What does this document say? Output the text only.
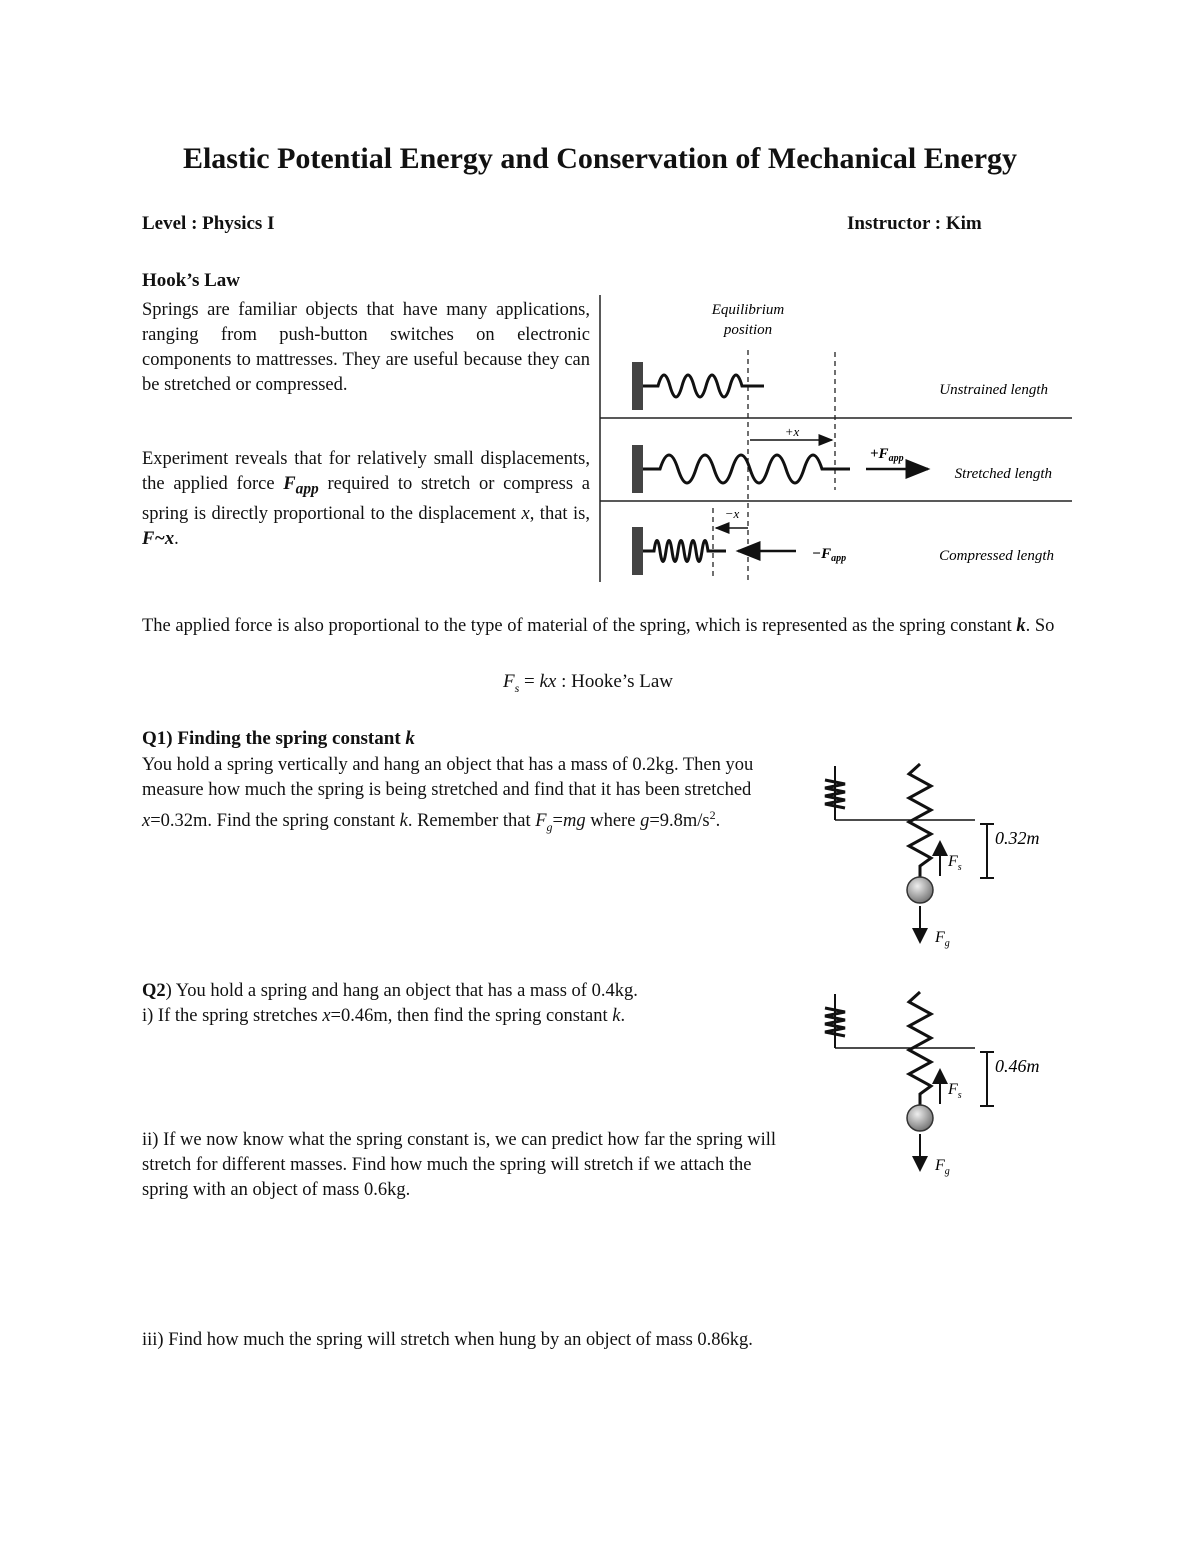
Elastic Potential Energy and Conservation of Mechanical Energy
Level : Physics I	Instructor : Kim
Hook’s Law
Springs are familiar objects that have many applications, ranging from push-button switches on electronic components to mattresses. They are useful because they can be stretched or compressed.
Experiment reveals that for relatively small displacements, the applied force $F_{app}$ required to stretch or compress a spring is directly proportional to the displacement x, that is, F~x.
Equilibrium
position
Unstrained length
+x
$+F_{app}$
Stretched length
−x
$-F_{app}$	Compressed length
The applied force is also proportional to the type of material of the spring, which is represented as the spring constant k. So
$F_s$ = kx : Hooke’s Law
Q1) Finding the spring constant k
You hold a spring vertically and hang an object that has a mass of 0.2kg. Then you measure how much the spring is being stretched and find that it has been stretched x=0.32m. Find the spring constant k. Remember that $F_g=mg$ where $g=9.8m/s^2$.
$F_s$
$F_g$
0.32m
Q2) You hold a spring and hang an object that has a mass of 0.4kg.
i) If the spring stretches x=0.46m, then find the spring constant k.
ii) If we now know what the spring constant is, we can predict how far the spring will stretch for different masses. Find how much the spring will stretch if we attach the spring with an object of mass 0.6kg.
iii) Find how much the spring will stretch when hung by an object of mass 0.86kg.
$F_s$
$F_g$
0.46m
